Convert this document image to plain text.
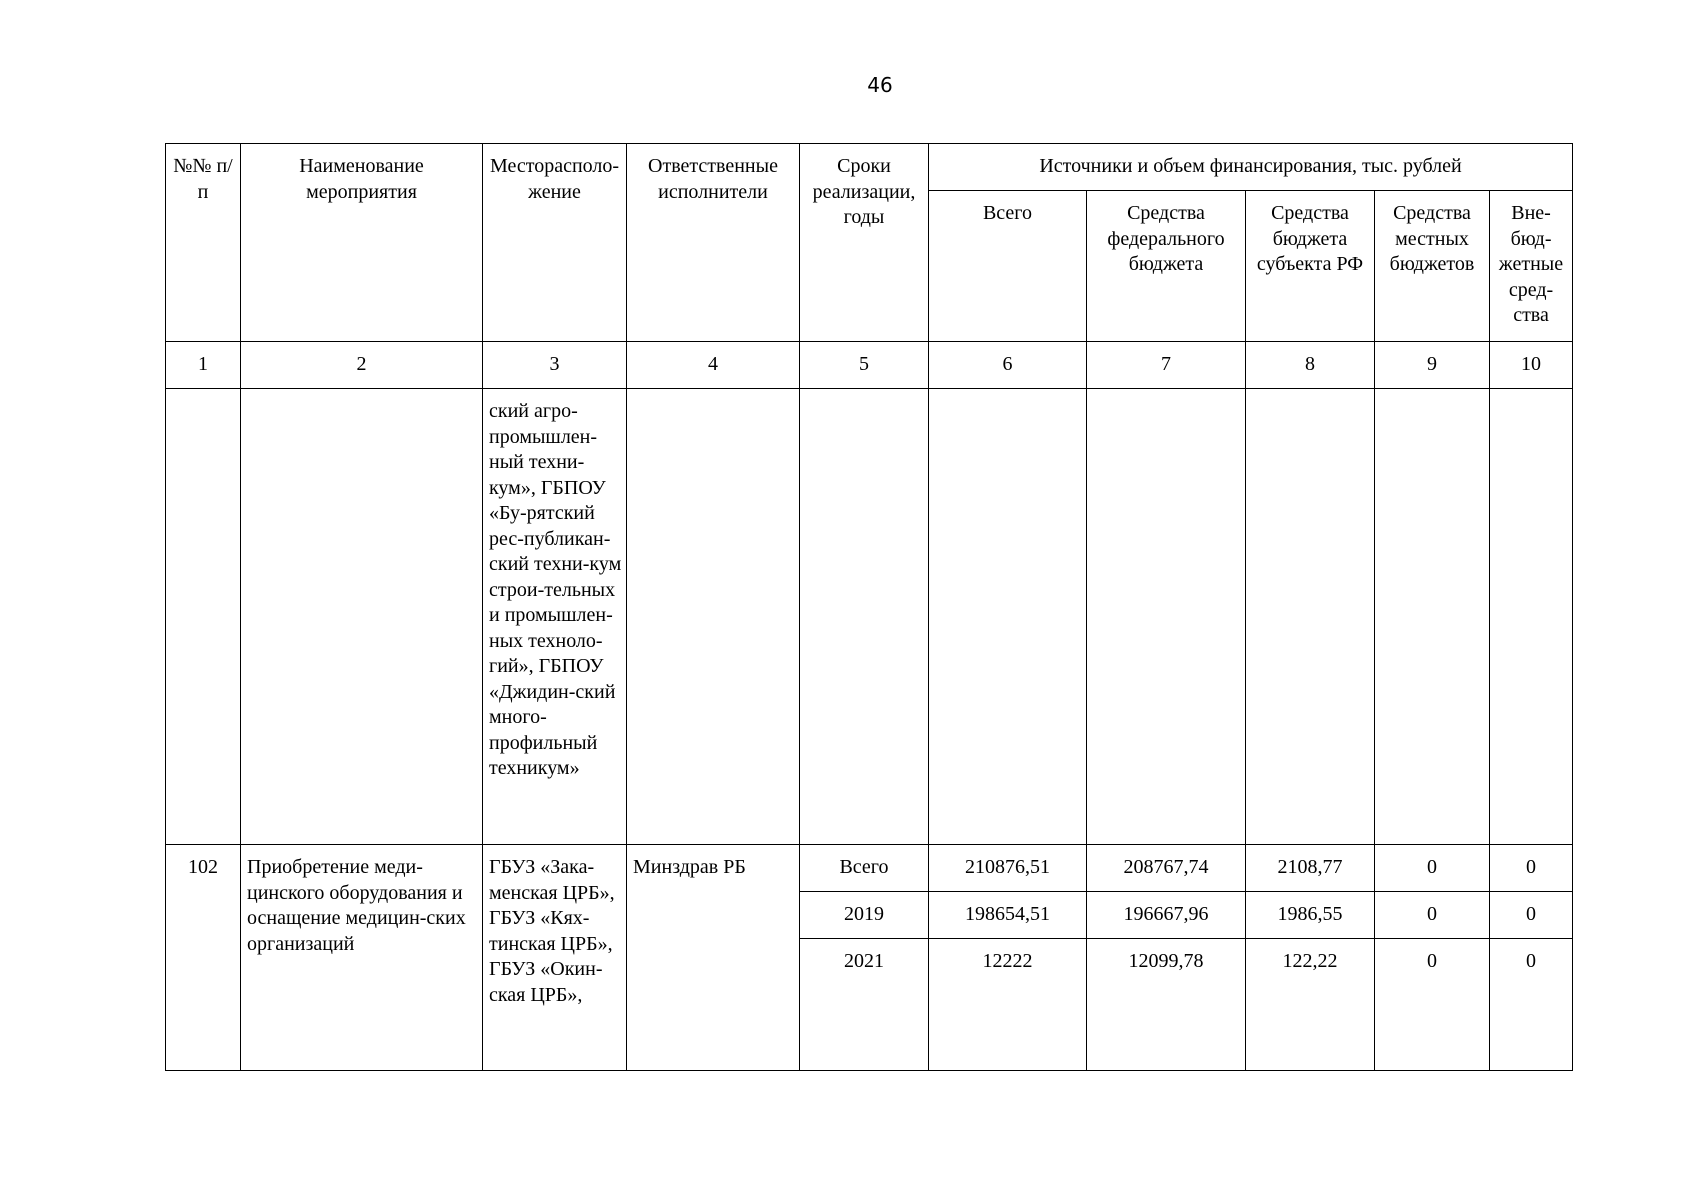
46
№№ п/п	Наименование мероприятия	Месторасполо-жение	Ответственные исполнители	Сроки реализации, годы	Источники и объем финансирования, тыс. рублей				
					Всего	Средства федерального бюджета	Средства бюджета субъекта РФ	Средства местных бюджетов	Вне-бюд-жетные сред-ства
1	2	3	4	5	6	7	8	9	10
		ский агро-промышлен-ный техни-кум», ГБПОУ «Бу-рятский рес-публикан-ский техни-кум строи-тельных и промышлен-ных техноло-гий», ГБПОУ «Джидин-ский много-профильный техникум»							
102	Приобретение меди-цинского оборудования и оснащение медицин-ских организаций	ГБУЗ «Зака-менская ЦРБ», ГБУЗ «Кях-тинская ЦРБ», ГБУЗ «Окин-ская ЦРБ»,	Минздрав РБ	Всего	210876,51	208767,74	2108,77	0	0
				2019	198654,51	196667,96	1986,55	0	0
				2021	12222	12099,78	122,22	0	0
